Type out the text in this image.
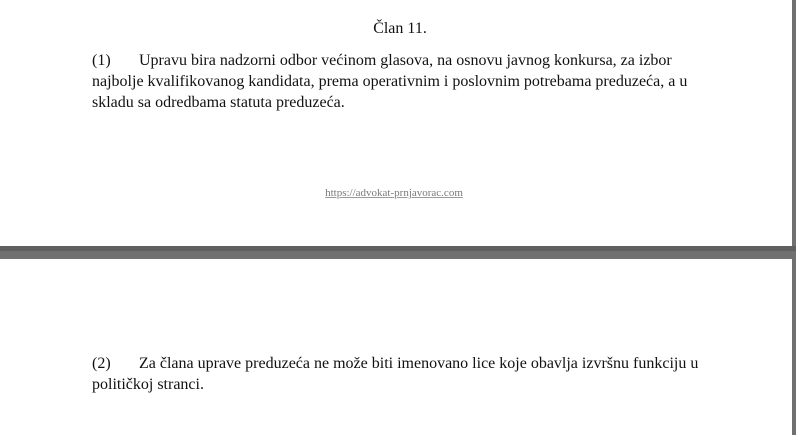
Član 11.

(1) Upravu bira nadzorni odbor većinom glasova, na osnovu javnog konkursa, za izbor najbolje kvalifikovanog kandidata, prema operativnim i poslovnim potrebama preduzeća, a u skladu sa odredbama statuta preduzeća.

https://advokat-prnjavorac.com

(2) Za člana uprave preduzeća ne može biti imenovano lice koje obavlja izvršnu funkciju u političkoj stranci.
